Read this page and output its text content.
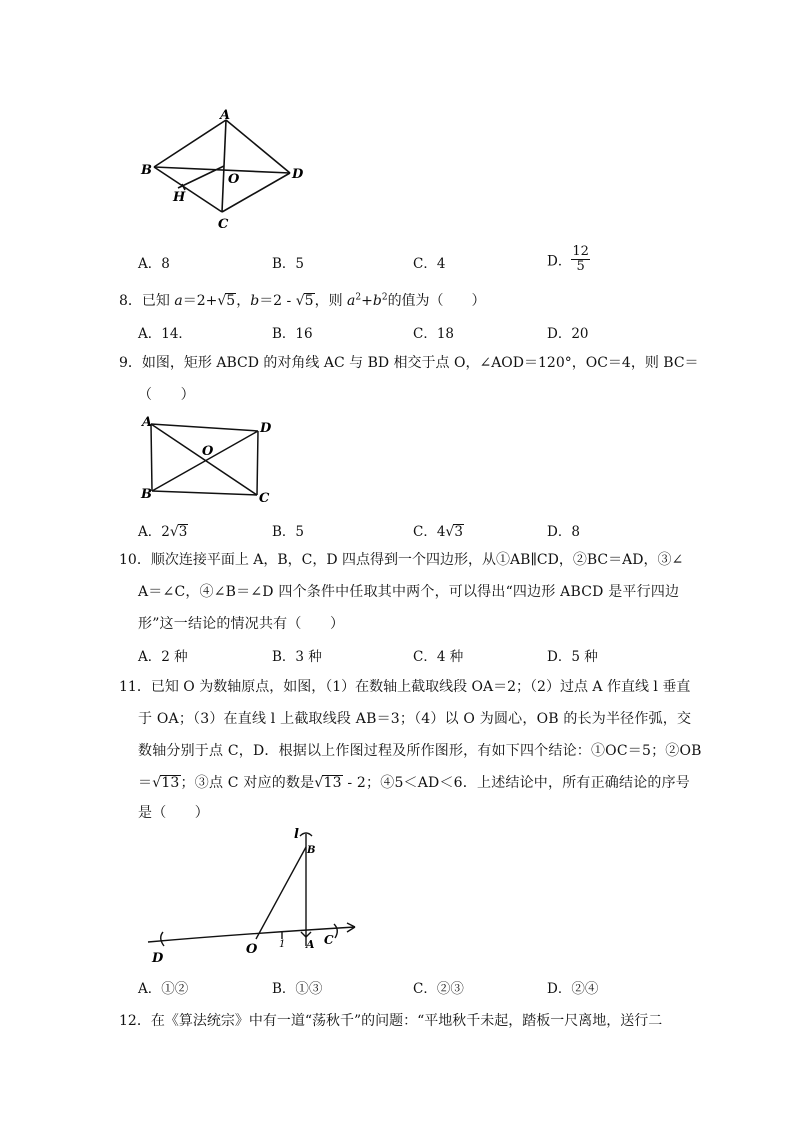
A
B
O	D
H
C
A．8	B．5	C．4	D． $\frac{12}{5}$
8．已知 a＝2+√5，b＝2 - √5，则 $a^2+b^2$的值为（　　）
A．14．	B．16	C．18	D．20
9．如图，矩形 ABCD 的对角线 AC 与 BD 相交于点 O，∠AOD＝120°，OC＝4，则 BC＝
（　　）
A	D
O
B	C
A．2√3	B．5	C．4√3	D．8
10．顺次连接平面上 A，B，C，D 四点得到一个四边形，从①AB∥CD，②BC＝AD，③∠
A＝∠C，④∠B＝∠D 四个条件中任取其中两个，可以得出“四边形 ABCD 是平行四边
形”这一结论的情况共有（　　）
A．2 种	B．3 种	C．4 种	D．5 种
11．已知 O 为数轴原点，如图，（1）在数轴上截取线段 OA＝2；（2）过点 A 作直线 l 垂直
于 OA；（3）在直线 l 上截取线段 AB＝3；（4）以 O 为圆心，OB 的长为半径作弧，交
数轴分别于点 C，D．根据以上作图过程及所作图形，有如下四个结论：①OC＝5；②OB
＝√13；③点 C 对应的数是√13 - 2；④5＜AD＜6．上述结论中，所有正确结论的序号
是（　　）
l
B
O 1 A C
D
A．①②	B．①③	C．②③	D．②④
12．在《算法统宗》中有一道“荡秋千”的问题：“平地秋千未起，踏板一尺离地，送行二
